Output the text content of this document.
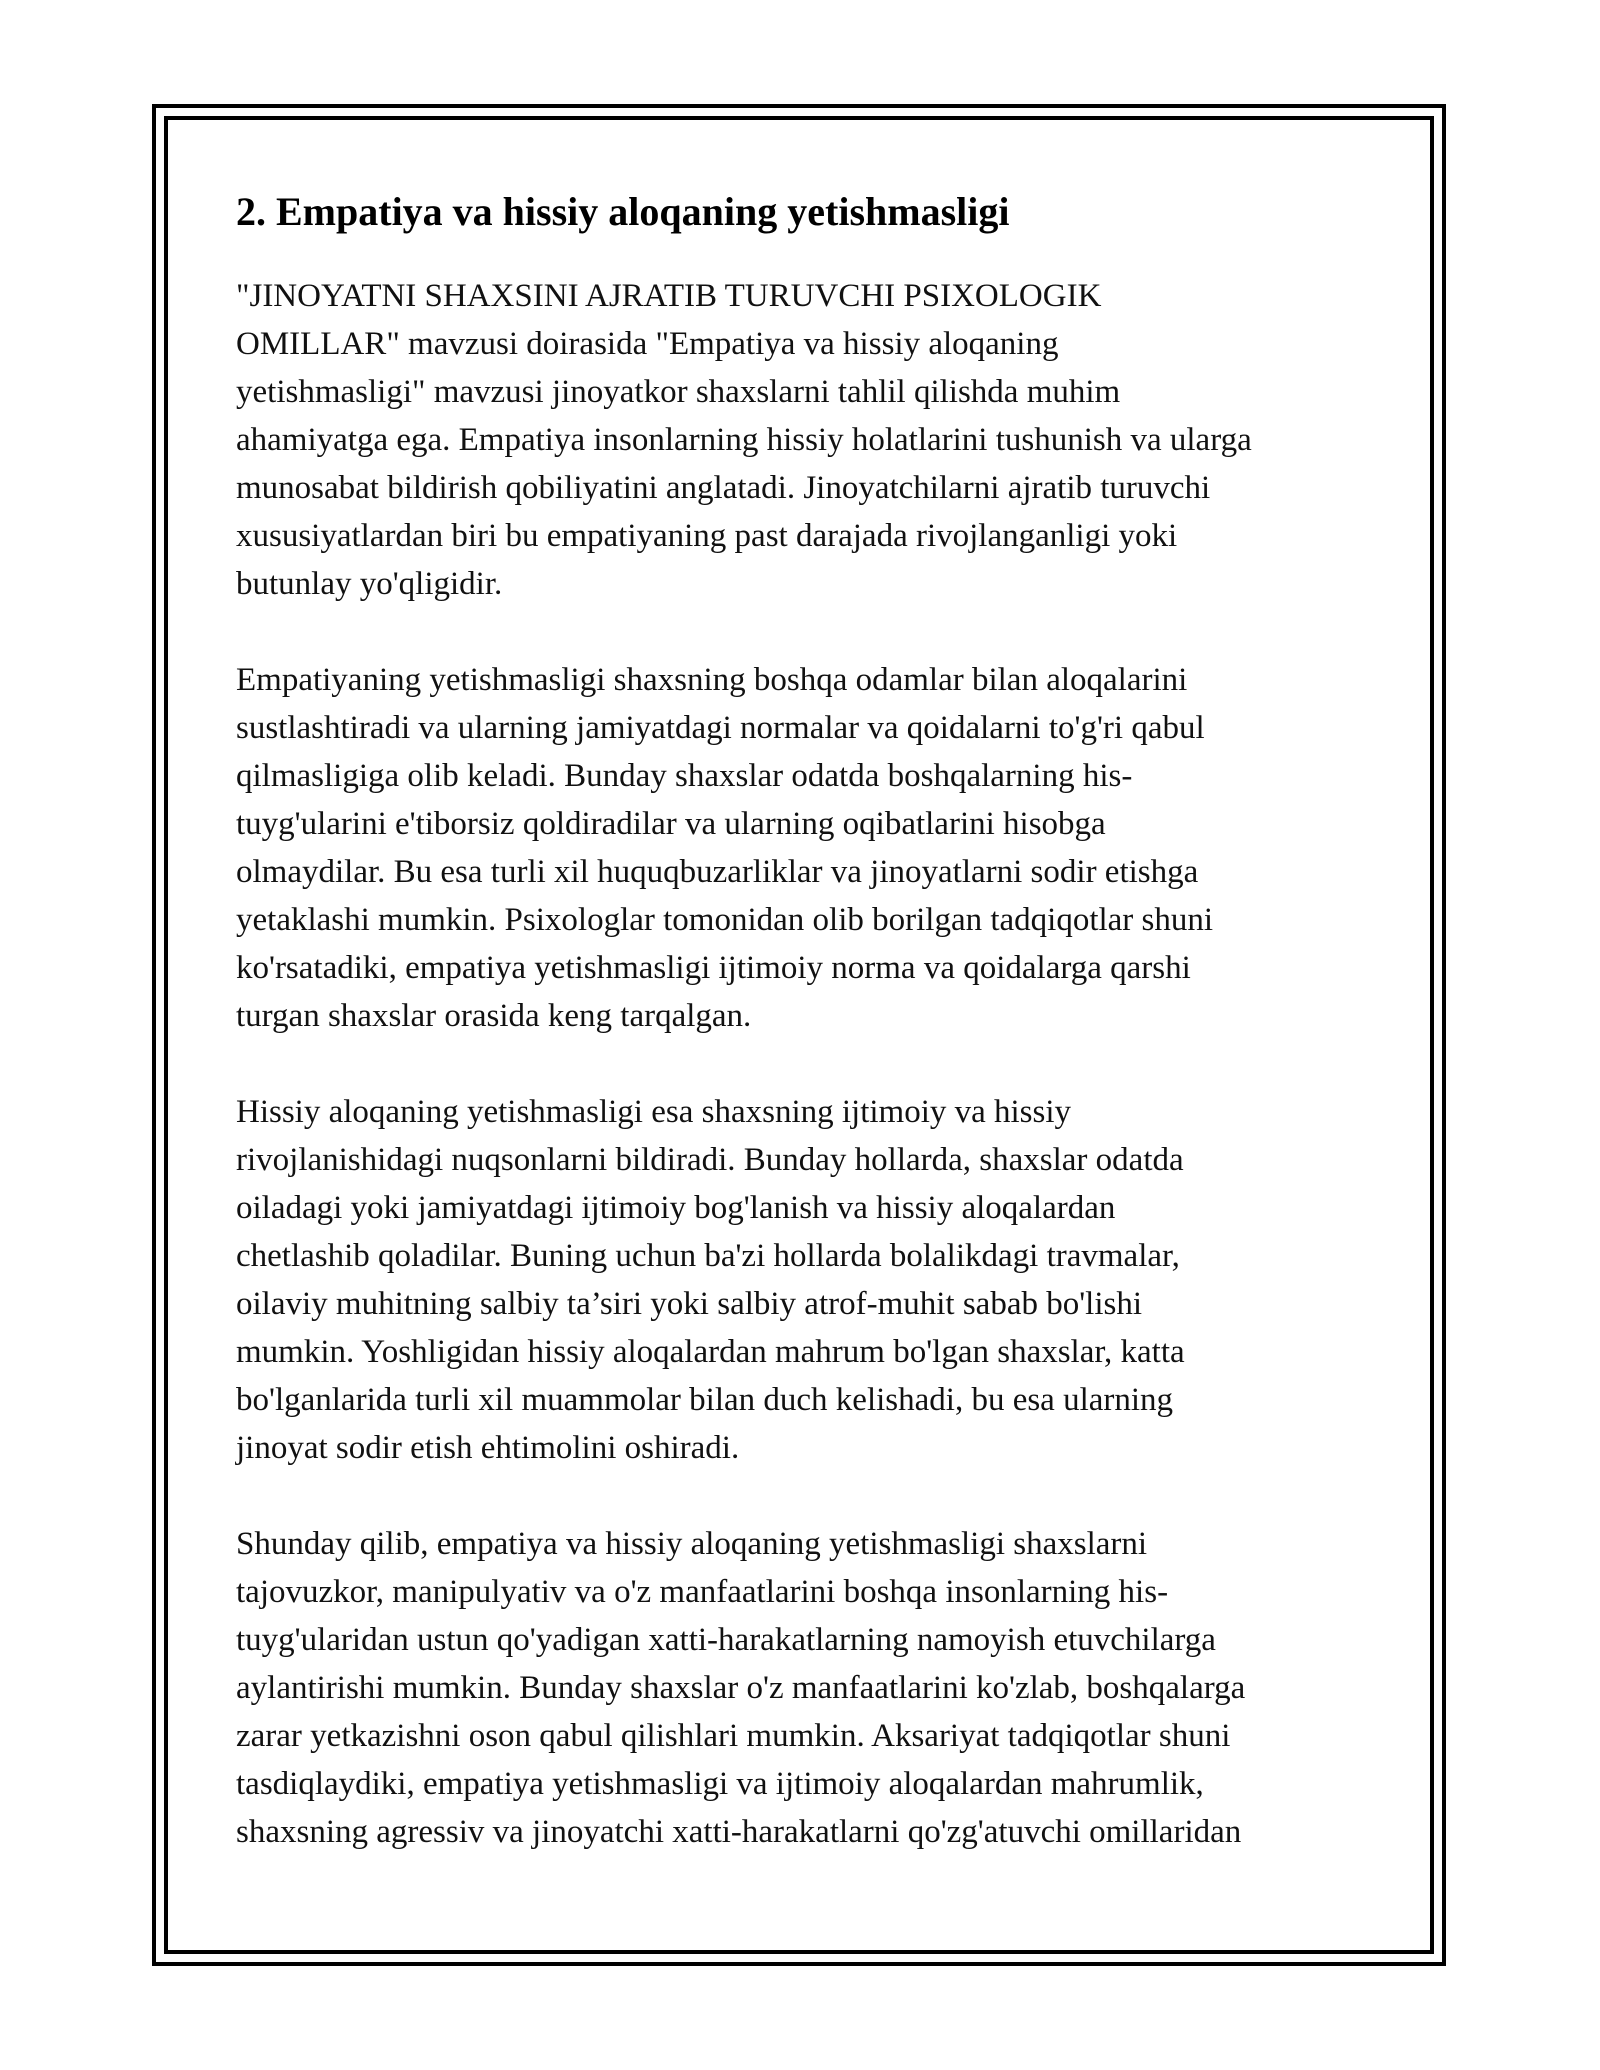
2. Empatiya va hissiy aloqaning yetishmasligi

"JINOYATNI SHAXSINI AJRATIB TURUVCHI PSIXOLOGIK
OMILLAR" mavzusi doirasida "Empatiya va hissiy aloqaning
yetishmasligi" mavzusi jinoyatkor shaxslarni tahlil qilishda muhim
ahamiyatga ega. Empatiya insonlarning hissiy holatlarini tushunish va ularga
munosabat bildirish qobiliyatini anglatadi. Jinoyatchilarni ajratib turuvchi
xususiyatlardan biri bu empatiyaning past darajada rivojlanganligi yoki
butunlay yo'qligidir.

Empatiyaning yetishmasligi shaxsning boshqa odamlar bilan aloqalarini
sustlashtiradi va ularning jamiyatdagi normalar va qoidalarni to'g'ri qabul
qilmasligiga olib keladi. Bunday shaxslar odatda boshqalarning his-
tuyg'ularini e'tiborsiz qoldiradilar va ularning oqibatlarini hisobga
olmaydilar. Bu esa turli xil huquqbuzarliklar va jinoyatlarni sodir etishga
yetaklashi mumkin. Psixologlar tomonidan olib borilgan tadqiqotlar shuni
ko'rsatadiki, empatiya yetishmasligi ijtimoiy norma va qoidalarga qarshi
turgan shaxslar orasida keng tarqalgan.

Hissiy aloqaning yetishmasligi esa shaxsning ijtimoiy va hissiy
rivojlanishidagi nuqsonlarni bildiradi. Bunday hollarda, shaxslar odatda
oiladagi yoki jamiyatdagi ijtimoiy bog'lanish va hissiy aloqalardan
chetlashib qoladilar. Buning uchun ba'zi hollarda bolalikdagi travmalar,
oilaviy muhitning salbiy ta’siri yoki salbiy atrof-muhit sabab bo'lishi
mumkin. Yoshligidan hissiy aloqalardan mahrum bo'lgan shaxslar, katta
bo'lganlarida turli xil muammolar bilan duch kelishadi, bu esa ularning
jinoyat sodir etish ehtimolini oshiradi.

Shunday qilib, empatiya va hissiy aloqaning yetishmasligi shaxslarni
tajovuzkor, manipulyativ va o'z manfaatlarini boshqa insonlarning his-
tuyg'ularidan ustun qo'yadigan xatti-harakatlarning namoyish etuvchilarga
aylantirishi mumkin. Bunday shaxslar o'z manfaatlarini ko'zlab, boshqalarga
zarar yetkazishni oson qabul qilishlari mumkin. Aksariyat tadqiqotlar shuni
tasdiqlaydiki, empatiya yetishmasligi va ijtimoiy aloqalardan mahrumlik,
shaxsning agressiv va jinoyatchi xatti-harakatlarni qo'zg'atuvchi omillaridan
